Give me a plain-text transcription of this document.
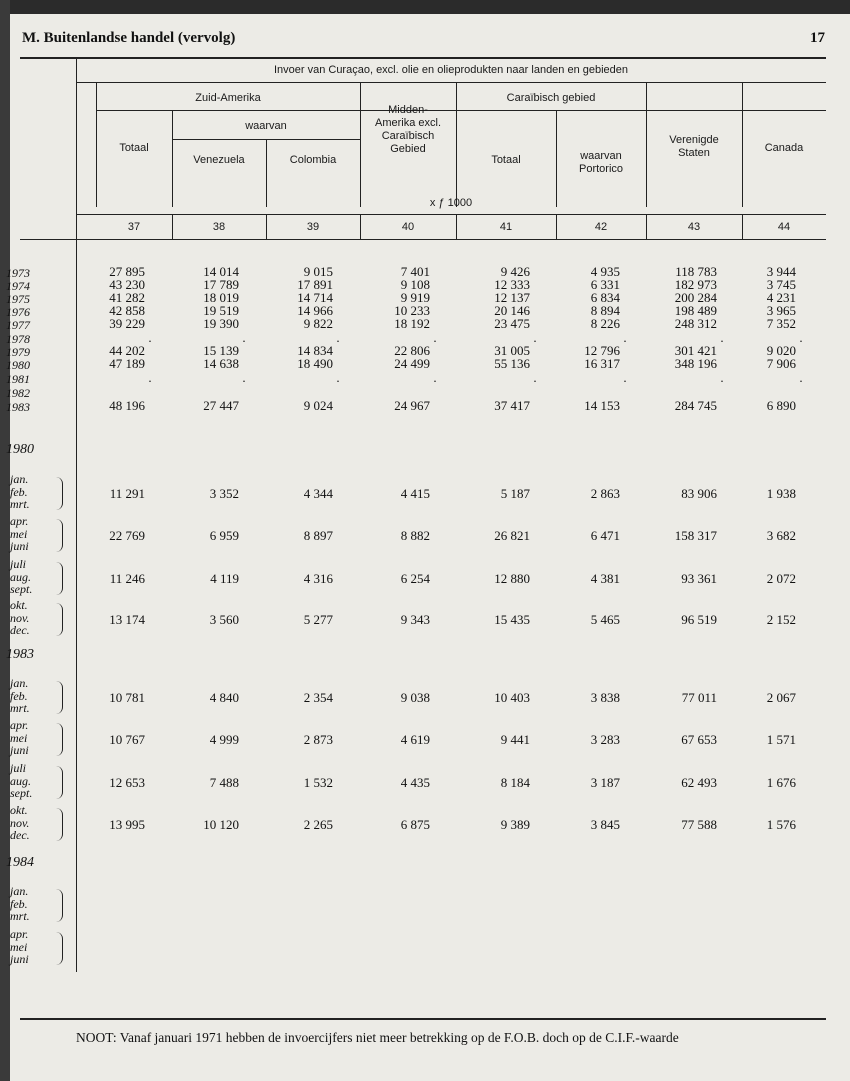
M. Buitenlandse handel (vervolg)	17
Invoer van Curaçao, excl. olie en olieprodukten naar landen en gebieden
Zuid-Amerika	Caraïbisch gebied
waarvan
Totaal
Venezuela	Colombia
Midden-
Amerika excl.
Caraïbisch
Gebied
Totaal	waarvan
Portorico
Verenigde
Staten	Canada
x ƒ 1000
37	38	39	40	41	42	43	44
1973	27 895	14 014	9 015	7 401	9 426	4 935	118 783	3 944
1974	43 230	17 789	17 891	9 108	12 333	6 331	182 973	3 745
1975	41 282	18 019	14 714	9 919	12 137	6 834	200 284	4 231
1976	42 858	19 519	14 966	10 233	20 146	8 894	198 489	3 965
1977	39 229	19 390	9 822	18 192	23 475	8 226	248 312	7 352
1978	.	.	.	.	.	.	.	.
1979	44 202	15 139	14 834	22 806	31 005	12 796	301 421	9 020
1980	47 189	14 638	18 490	24 499	55 136	16 317	348 196	7 906
1981	.	.	.	.	.	.	.	.
1982
1983	48 196	27 447	9 024	24 967	37 417	14 153	284 745	6 890
1980
jan.
feb.
mrt.
11 291	3 352	4 344	4 415	5 187	2 863	83 906	1 938
apr.
mei
juni
22 769	6 959	8 897	8 882	26 821	6 471	158 317	3 682
juli
aug.
sept.
11 246	4 119	4 316	6 254	12 880	4 381	93 361	2 072
okt.
nov.
dec.
13 174	3 560	5 277	9 343	15 435	5 465	96 519	2 152
1983
jan.
feb.
mrt.
10 781	4 840	2 354	9 038	10 403	3 838	77 011	2 067
apr.
mei
juni
10 767	4 999	2 873	4 619	9 441	3 283	67 653	1 571
juli
aug.
sept.
12 653	7 488	1 532	4 435	8 184	3 187	62 493	1 676
okt.
nov.
dec.
13 995	10 120	2 265	6 875	9 389	3 845	77 588	1 576
1984
jan.
feb.
mrt.
apr.
mei
juni
NOOT: Vanaf januari 1971 hebben de invoercijfers niet meer betrekking op de F.O.B. doch op de C.I.F.-waarde
